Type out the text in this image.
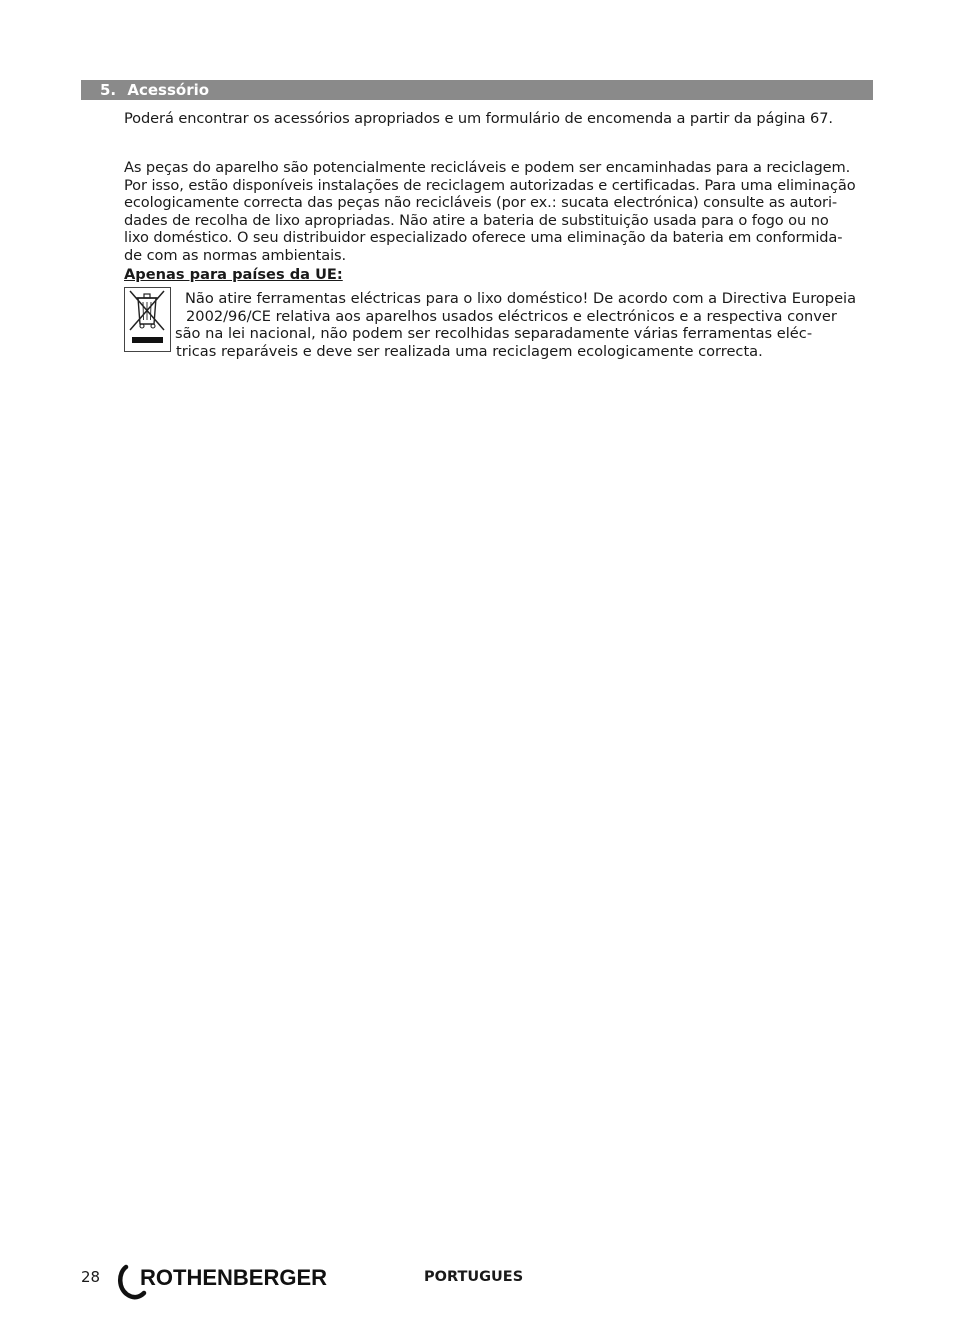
5. Acessório
Poderá encontrar os acessórios apropriados e um formulário de encomenda a partir da página 67.
As peças do aparelho são potencialmente recicláveis e podem ser encaminhadas para a reciclagem.
Por isso, estão disponíveis instalações de reciclagem autorizadas e certificadas. Para uma eliminação
ecologicamente correcta das peças não recicláveis (por ex.: sucata electrónica) consulte as autori-
dades de recolha de lixo apropriadas. Não atire a bateria de substituição usada para o fogo ou no
lixo doméstico. O seu distribuidor especializado oferece uma eliminação da bateria em conformida-
de com as normas ambientais.
Apenas para países da UE:
Não atire ferramentas eléctricas para o lixo doméstico! De acordo com a Directiva Europeia
2002/96/CE relativa aos aparelhos usados eléctricos e electrónicos e a respectiva conver
são na lei nacional, não podem ser recolhidas separadamente várias ferramentas eléc-
tricas reparáveis e deve ser realizada uma reciclagem ecologicamente correcta.
28 ROTHENBERGER	PORTUGUES
